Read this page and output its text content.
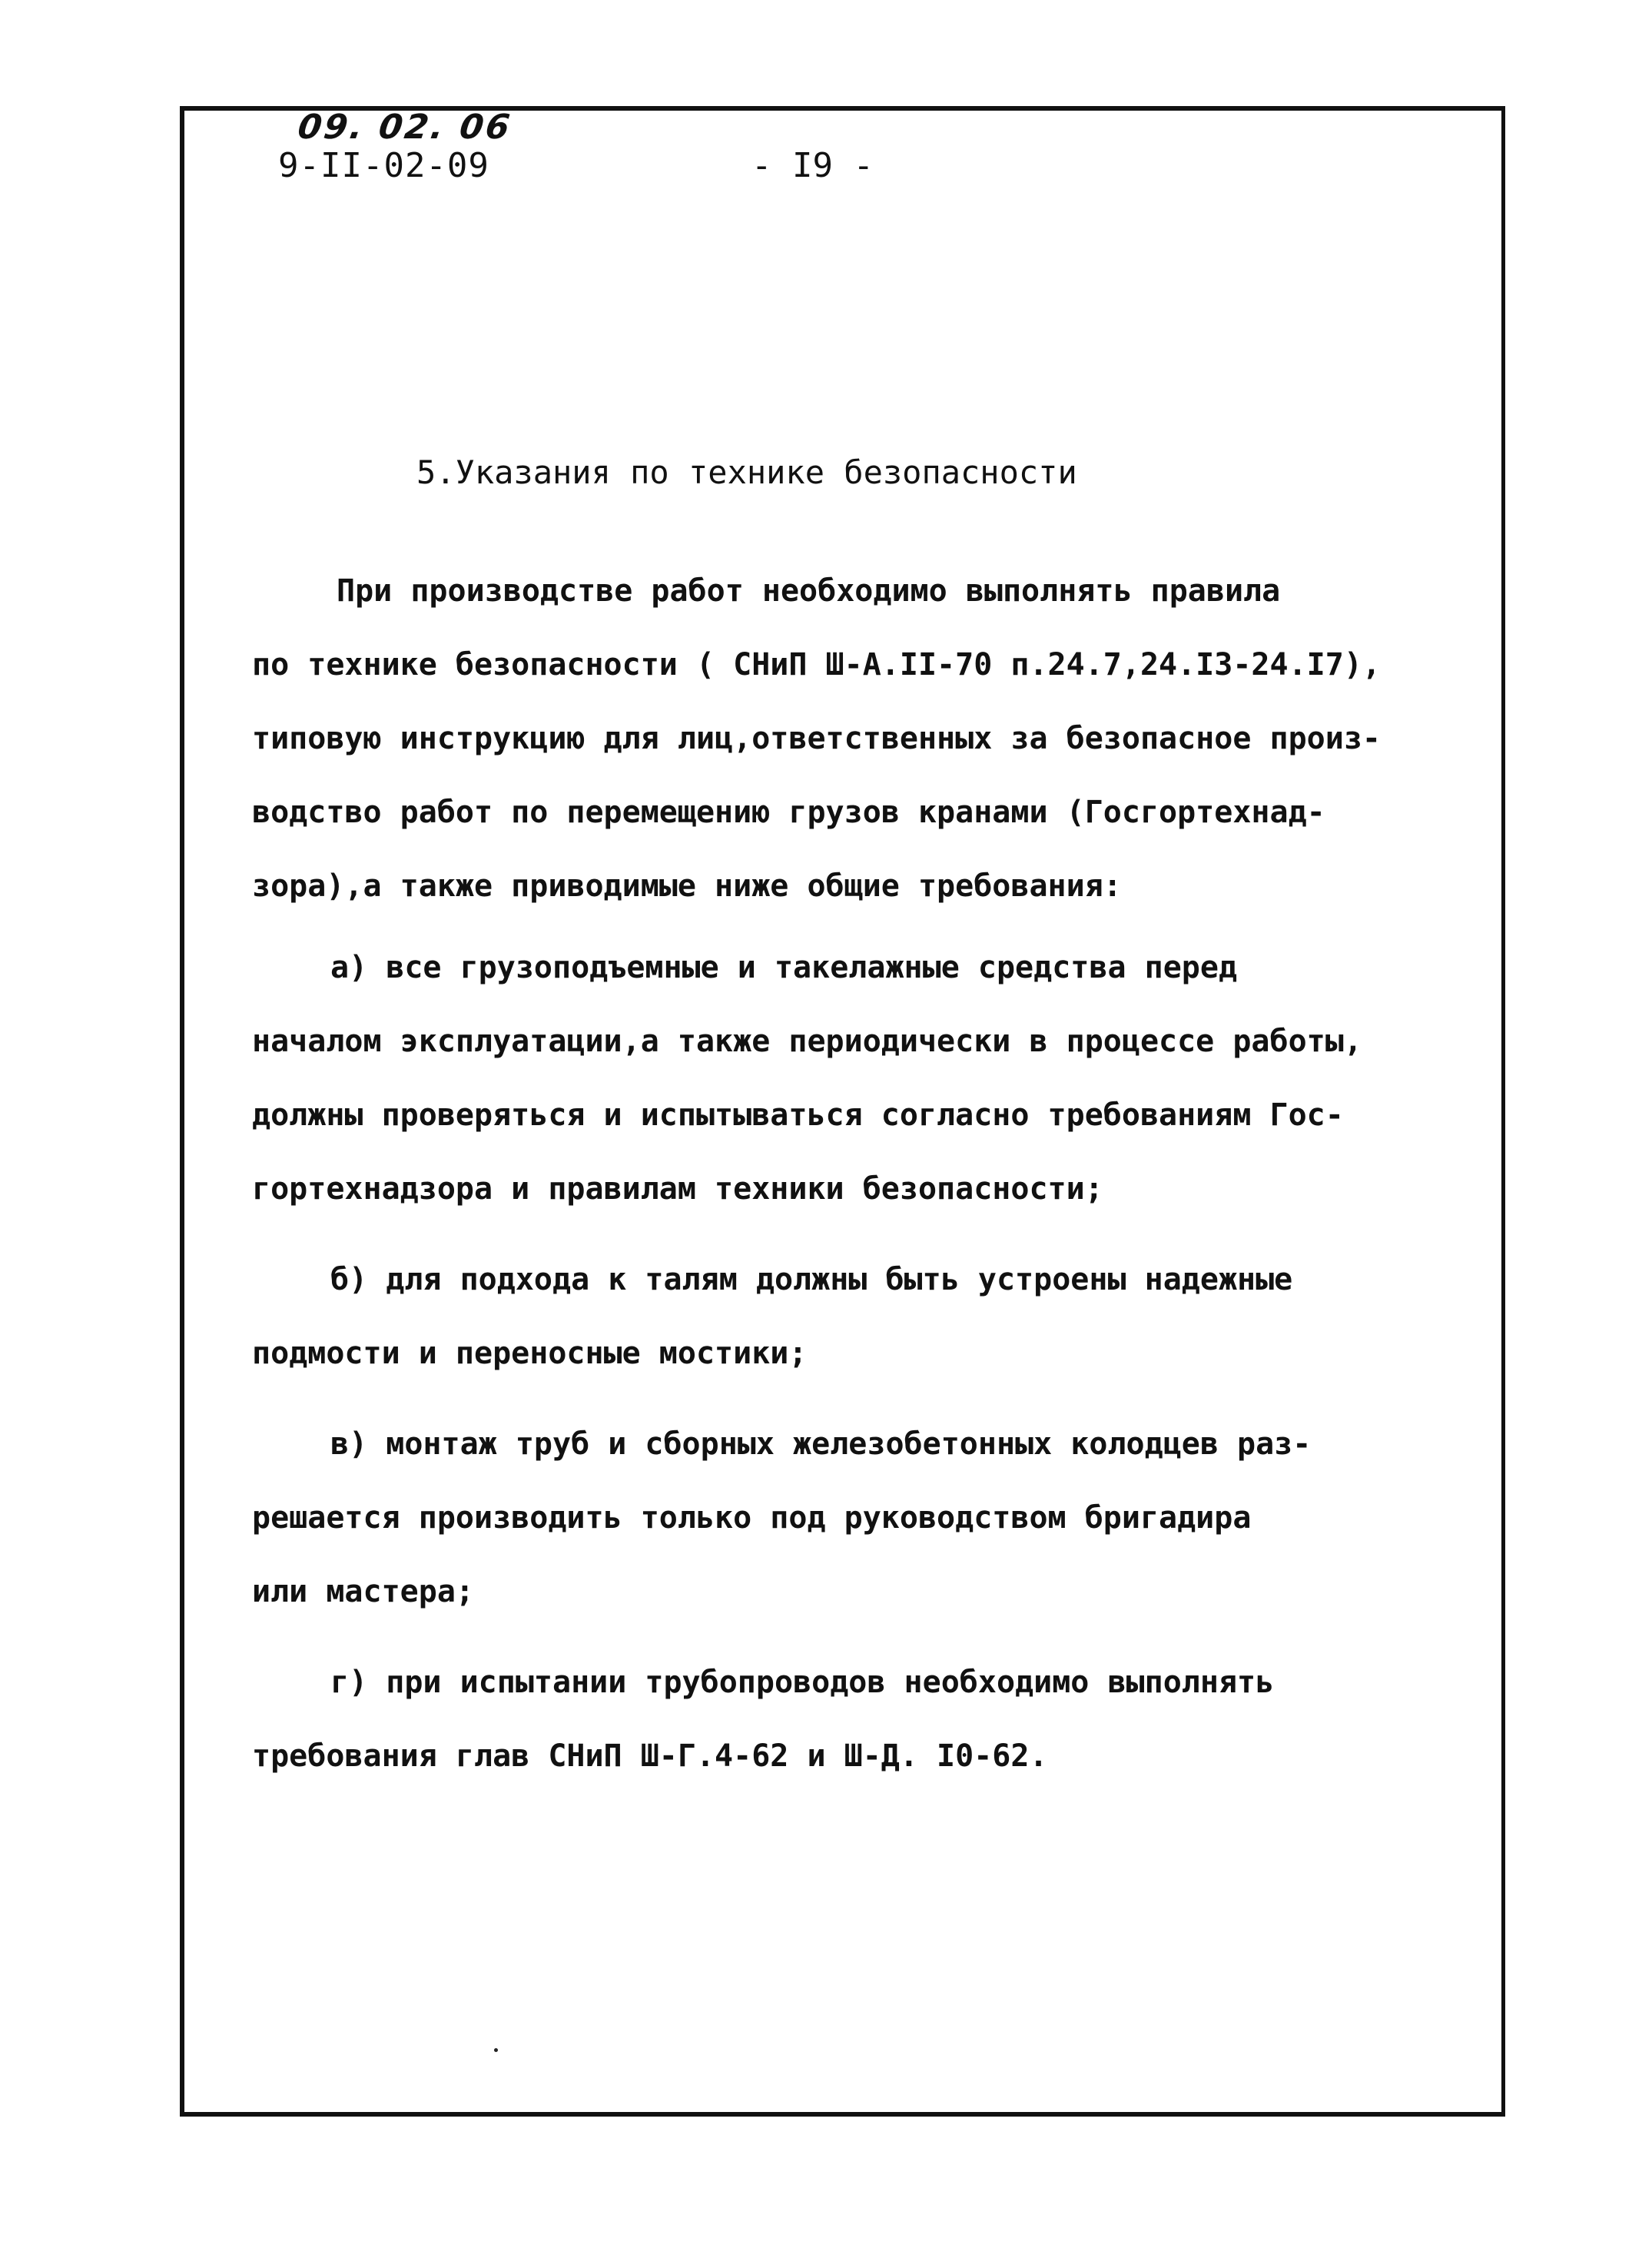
09. 02. 06
9-II-02-09	- I9 -
5.Указания по технике безопасности
При производстве работ необходимо выполнять правила
по технике безопасности ( СНиП Ш-А.II-70 п.24.7,24.I3-24.I7),
типовую инструкцию для лиц,ответственных за безопасное произ-
водство работ по перемещению грузов кранами (Госгортехнад-
зора),а также приводимые ниже общие требования:
а) все грузоподъемные и такелажные средства перед
началом эксплуатации,а также периодически в процессе работы,
должны проверяться и испытываться согласно требованиям Гос-
гортехнадзора и правилам техники безопасности;
б) для подхода к талям должны быть устроены надежные
подмости и переносные мостики;
в) монтаж труб и сборных железобетонных колодцев раз-
решается производить только под руководством бригадира
или мастера;
г) при испытании трубопроводов необходимо выполнять
требования глав СНиП Ш-Г.4-62 и Ш-Д. I0-62.
